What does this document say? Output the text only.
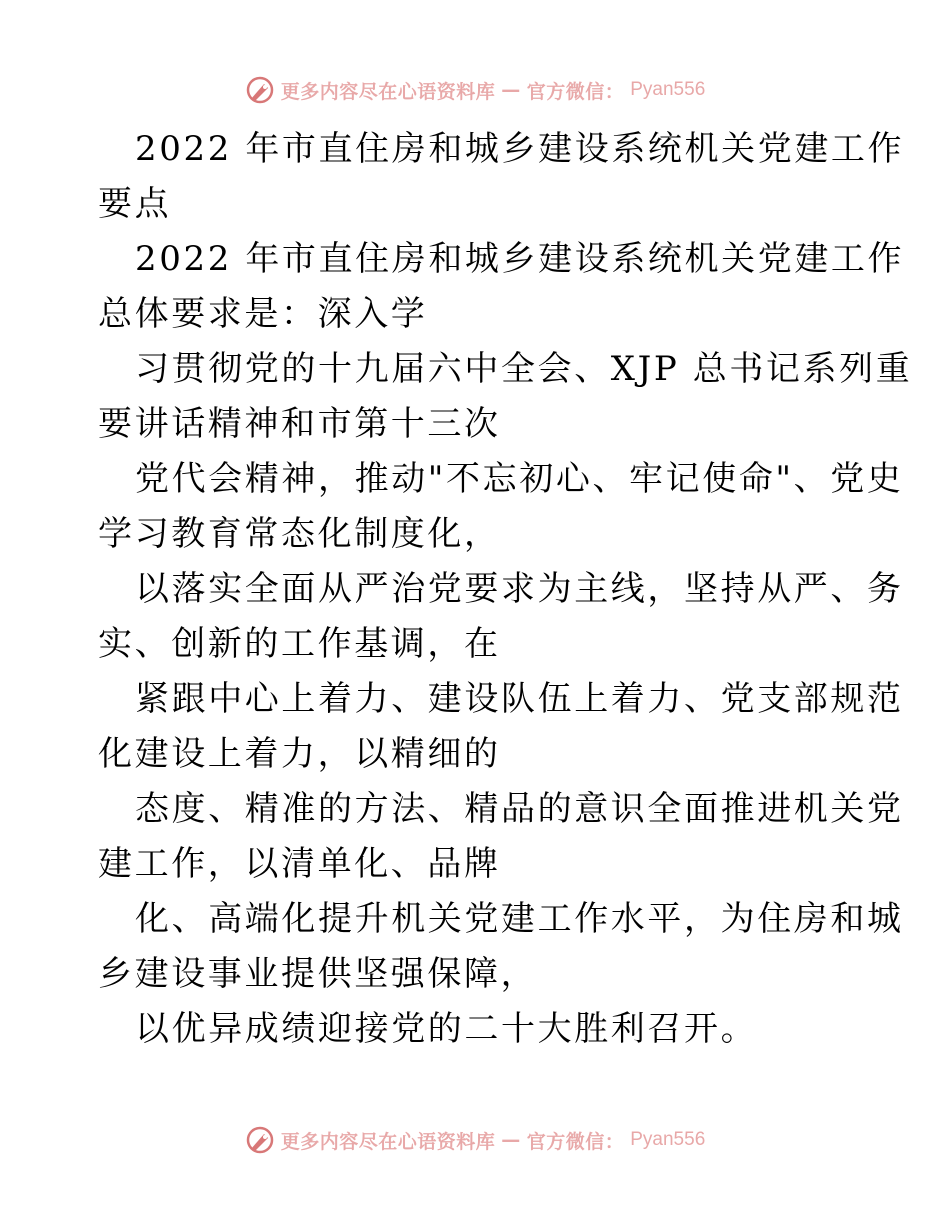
更多内容尽在心语资料库 — 官方微信： Pyan556
2022 年市直住房和城乡建设系统机关党建工作
要点
2022 年市直住房和城乡建设系统机关党建工作
总体要求是：深入学
习贯彻党的十九届六中全会、XJP 总书记系列重
要讲话精神和市第十三次
党代会精神，推动"不忘初心、牢记使命"、党史
学习教育常态化制度化，
以落实全面从严治党要求为主线，坚持从严、务
实、创新的工作基调，在
紧跟中心上着力、建设队伍上着力、党支部规范
化建设上着力，以精细的
态度、精准的方法、精品的意识全面推进机关党
建工作，以清单化、品牌
化、高端化提升机关党建工作水平，为住房和城
乡建设事业提供坚强保障，
以优异成绩迎接党的二十大胜利召开。
更多内容尽在心语资料库 — 官方微信： Pyan556
